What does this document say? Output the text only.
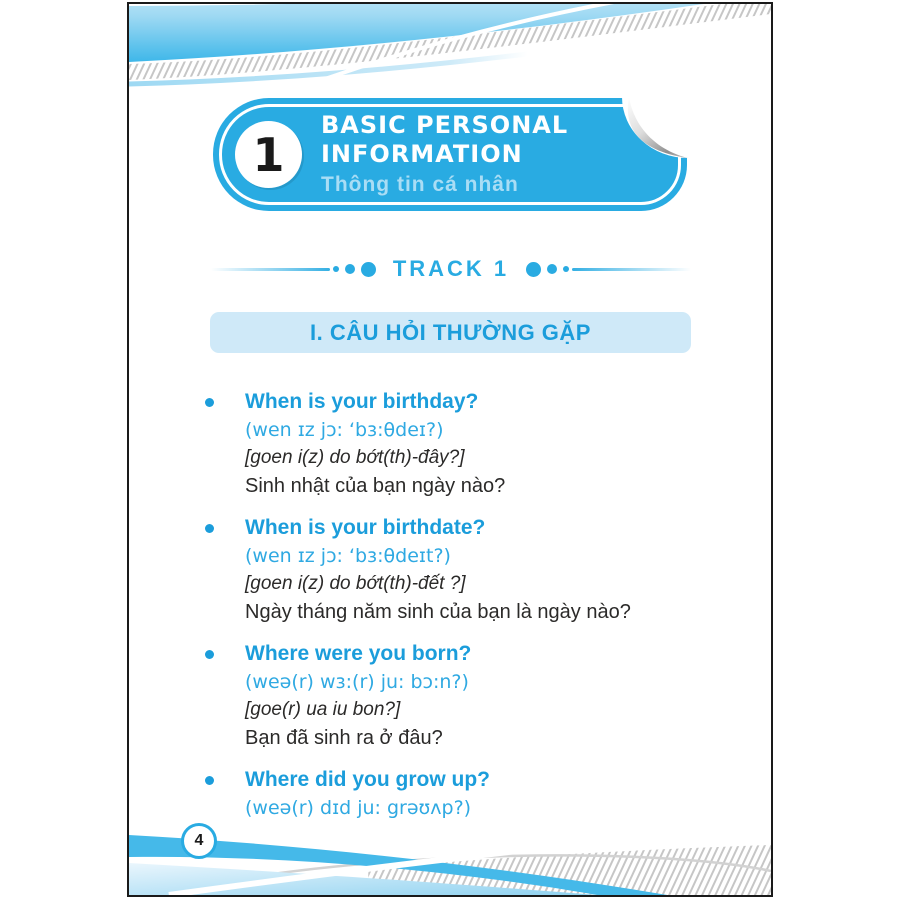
1
BASIC PERSONAL
INFORMATION
Thông tin cá nhân
TRACK 1
I. CÂU HỎI THƯỜNG GẶP
When is your birthday?
(wen ɪz jɔ: ‘bɜ:θdeɪ?)
[goen i(z) do bớt(th)-đây?]
Sinh nhật của bạn ngày nào?
When is your birthdate?
(wen ɪz jɔ: ‘bɜ:θdeɪt?)
[goen i(z) do bớt(th)-đết ?]
Ngày tháng năm sinh của bạn là ngày nào?
Where were you born?
(weə(r) wɜ:(r) ju: bɔ:n?)
[goe(r) ua iu bon?]
Bạn đã sinh ra ở đâu?
Where did you grow up?
(weə(r) dɪd ju: grəʊʌp?)
4
